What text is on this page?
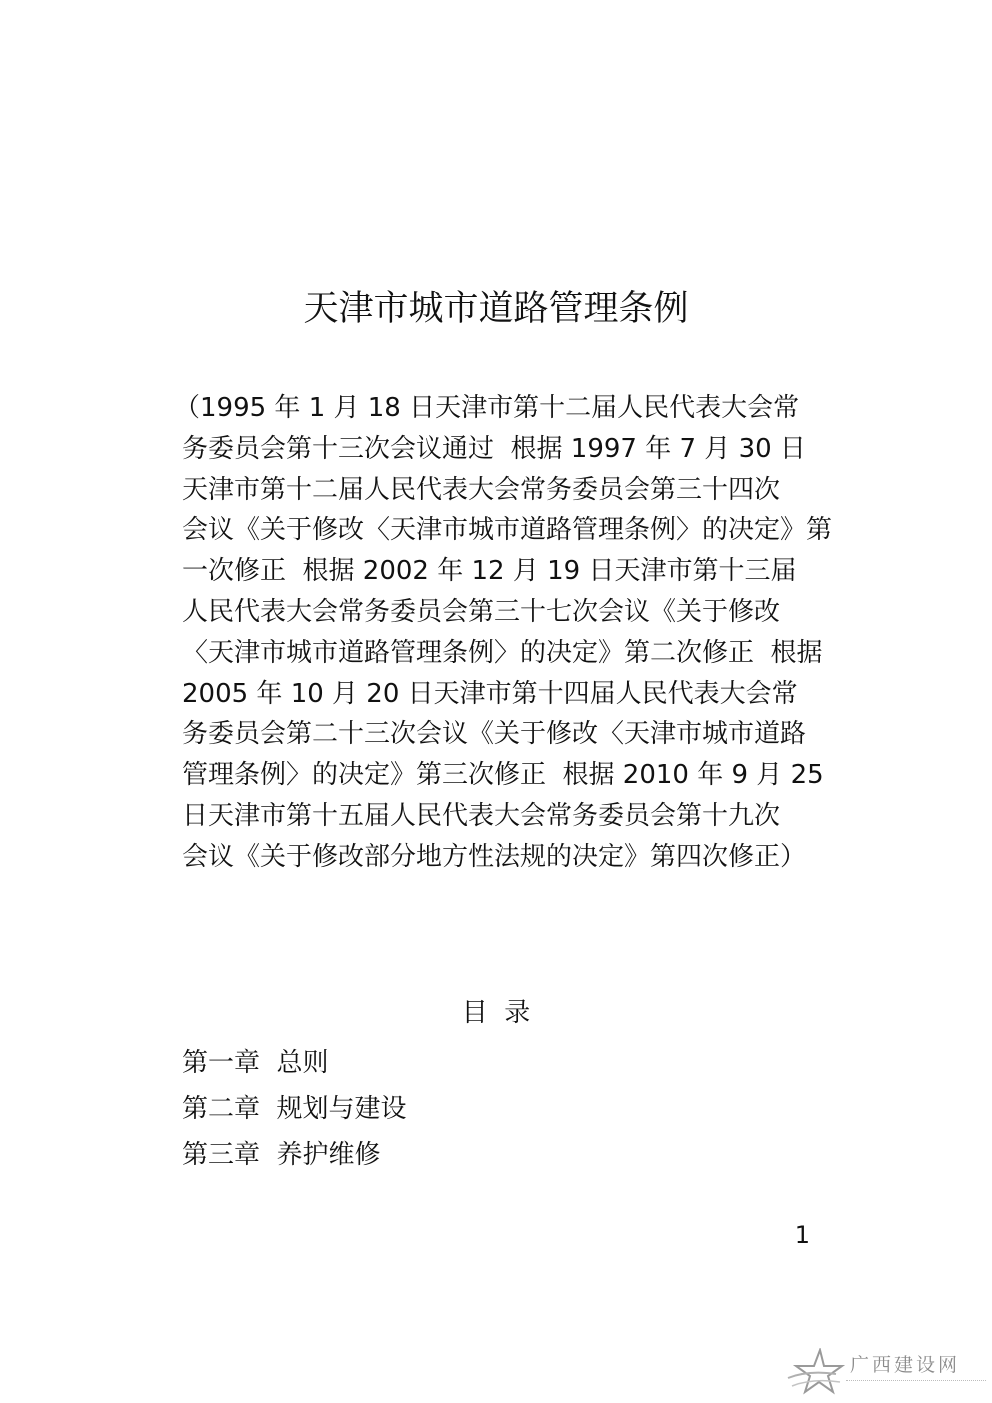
天津市城市道路管理条例
（1995 年 1 月 18 日天津市第十二届人民代表大会常
务委员会第十三次会议通过  根据 1997 年 7 月 30 日
天津市第十二届人民代表大会常务委员会第三十四次
会议《关于修改〈天津市城市道路管理条例〉的决定》第
一次修正  根据 2002 年 12 月 19 日天津市第十三届
人民代表大会常务委员会第三十七次会议《关于修改
〈天津市城市道路管理条例〉的决定》第二次修正  根据
2005 年 10 月 20 日天津市第十四届人民代表大会常
务委员会第二十三次会议《关于修改〈天津市城市道路
管理条例〉的决定》第三次修正  根据 2010 年 9 月 25
日天津市第十五届人民代表大会常务委员会第十九次
会议《关于修改部分地方性法规的决定》第四次修正）
目  录
第一章  总则
第二章  规划与建设
第三章  养护维修
1
广西建设网
